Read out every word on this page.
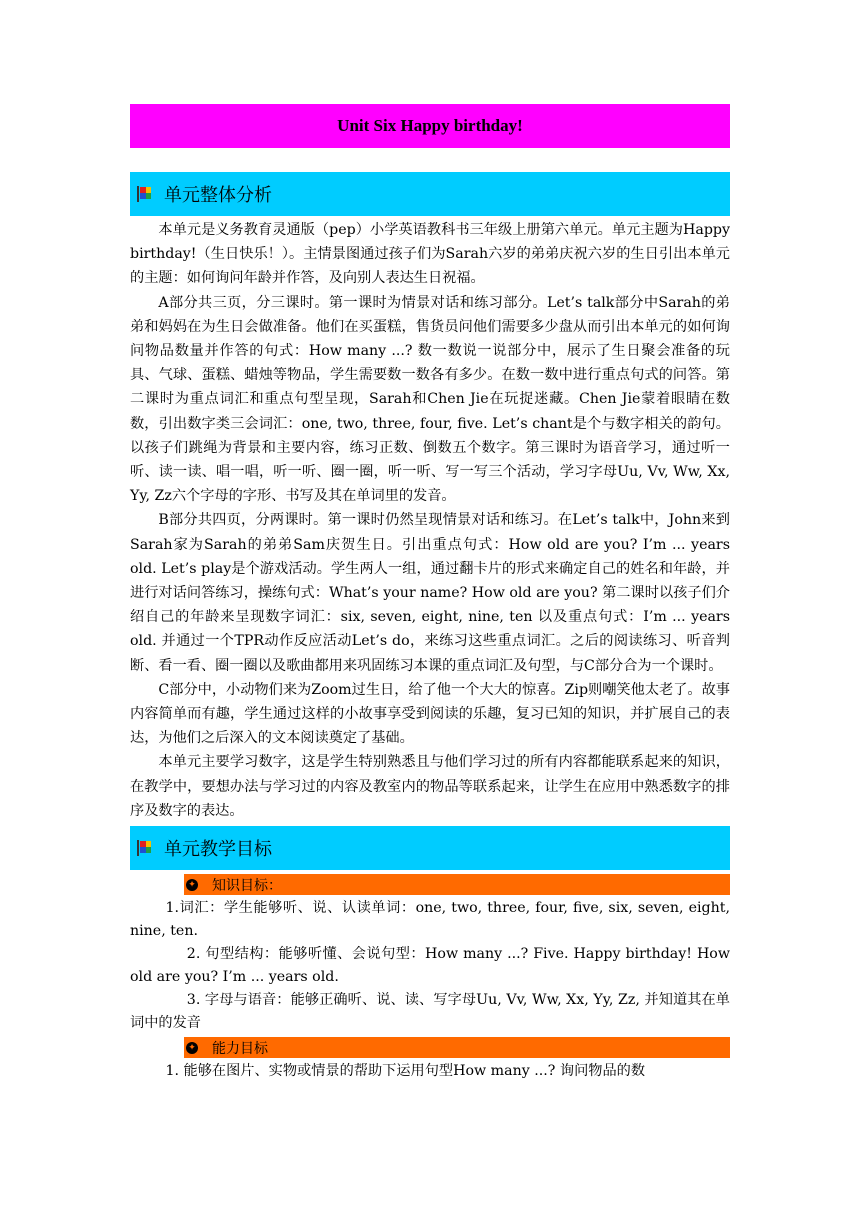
Unit Six Happy birthday!
单元整体分析

本单元是义务教育灵通版（pep）小学英语教科书三年级上册第六单元。单元主题为Happy birthday!（生日快乐！）。主情景图通过孩子们为Sarah六岁的弟弟庆祝六岁的生日引出本单元的主题：如何询问年龄并作答，及向别人表达生日祝福。

A部分共三页，分三课时。第一课时为情景对话和练习部分。Let’s talk部分中Sarah的弟弟和妈妈在为生日会做准备。他们在买蛋糕，售货员问他们需要多少盘从而引出本单元的如何询问物品数量并作答的句式：How many ...? 数一数说一说部分中，展示了生日聚会准备的玩具、气球、蛋糕、蜡烛等物品，学生需要数一数各有多少。在数一数中进行重点句式的问答。第二课时为重点词汇和重点句型呈现，Sarah和Chen Jie在玩捉迷藏。Chen Jie蒙着眼睛在数数，引出数字类三会词汇：one, two, three, four, five. Let’s chant是个与数字相关的韵句。以孩子们跳绳为背景和主要内容，练习正数、倒数五个数字。第三课时为语音学习，通过听一听、读一读、唱一唱，听一听、圈一圈，听一听、写一写三个活动，学习字母Uu, Vv, Ww, Xx, Yy, Zz六个字母的字形、书写及其在单词里的发音。

B部分共四页，分两课时。第一课时仍然呈现情景对话和练习。在Let’s talk中，John来到Sarah家为Sarah的弟弟Sam庆贺生日。引出重点句式：How old are you? I’m ... years old. Let’s play是个游戏活动。学生两人一组，通过翻卡片的形式来确定自己的姓名和年龄，并进行对话问答练习，操练句式：What’s your name? How old are you? 第二课时以孩子们介绍自己的年龄来呈现数字词汇：six, seven, eight, nine, ten 以及重点句式：I’m ... years old. 并通过一个TPR动作反应活动Let’s do，来练习这些重点词汇。之后的阅读练习、听音判断、看一看、圈一圈以及歌曲都用来巩固练习本课的重点词汇及句型，与C部分合为一个课时。

C部分中，小动物们来为Zoom过生日，给了他一个大大的惊喜。Zip则嘲笑他太老了。故事内容简单而有趣，学生通过这样的小故事享受到阅读的乐趣，复习已知的知识，并扩展自己的表达，为他们之后深入的文本阅读奠定了基础。

本单元主要学习数字，这是学生特别熟悉且与他们学习过的所有内容都能联系起来的知识，在教学中，要想办法与学习过的内容及教室内的物品等联系起来，让学生在应用中熟悉数字的排序及数字的表达。

单元教学目标
✦ 知识目标：

1.词汇：学生能够听、说、认读单词：one, two, three, four, five, six, seven, eight, nine, ten.

2. 句型结构：能够听懂、会说句型：How many ...? Five. Happy birthday! How old are you? I’m ... years old.

3. 字母与语音：能够正确听、说、读、写字母Uu, Vv, Ww, Xx, Yy, Zz, 并知道其在单词中的发音

✦ 能力目标

1. 能够在图片、实物或情景的帮助下运用句型How many ...? 询问物品的数
